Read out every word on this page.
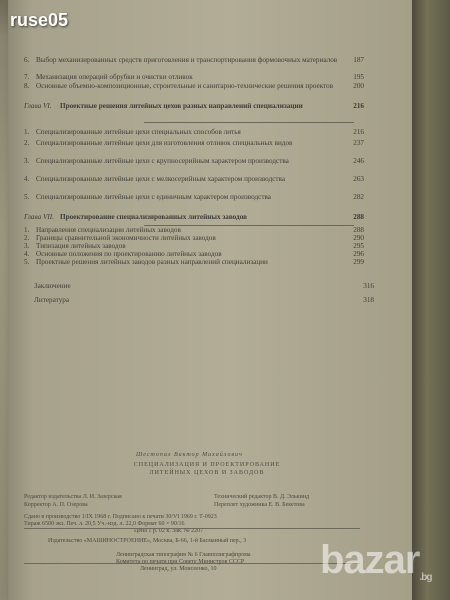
ruse05
6. Выбор механизированных средств приготовления и транспортирования формовочных материалов	187
7. Механизация операций обрубки и очистки отливок	195
8. Основные объемно-композиционные, строительные и санитарно-технические решения проектов	200
Глава VI.	Проектные решения литейных цехов разных направлений специализации	216
1. Специализированные литейные цехи специальных способов литья	216
2. Специализированные литейные цехи для изготовления отливок специальных видов	237
3. Специализированные литейные цехи с крупносерийным характером производства	246
4. Специализированные литейные цехи с мелкосерийным характером производства	263
5. Специализированные литейные цехи с единичным характером производства	282
Глава VII. Проектирование специализированных литейных заводов	288
1. Направления специализации литейных заводов	288
2. Границы сравнительной экономичности литейных заводов	290
3. Типизация литейных заводов	295
4. Основные положения по проектированию литейных заводов	296
5. Проектные решения литейных заводов разных направлений специализации	299
Заключение	316
Литература	318
Шестопал Виктор Михайлович
СПЕЦИАЛИЗАЦИЯ И ПРОЕКТИРОВАНИЕ
ЛИТЕЙНЫХ ЦЕХОВ И ЗАВОДОВ
Редактор издательства Л. И. Зазерская
Корректор А. П. Озерова
Технический редактор В. Д. Элькинд
Переплет художника Е. В. Бекетова
Сдано в производство 1/IX 1968 г. Подписано к печати 30/VI 1969 г. Т-0923
Тираж 6500 экз. Печ. л. 20,5 Уч.-изд. л. 22,0 Формат 60 × 90/16
Цена 1 р. 02 к. Зак. № 2207
Издательство «МАШИНОСТРОЕНИЕ», Москва, Б-66, 1-й Басманный пер., 3
Ленинградская типография № 6 Главполиграфпрома
Комитета по печати при Совете Министров СССР
Ленинград, ул. Моисеенко, 10	bazar.bg
